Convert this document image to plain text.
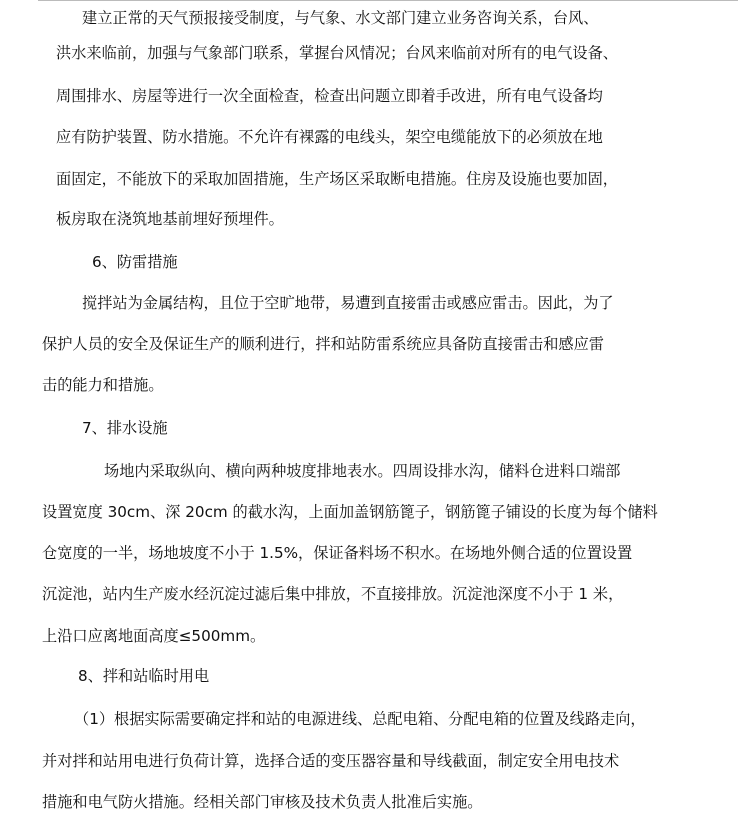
建立正常的天气预报接受制度，与气象、水文部门建立业务咨询关系，台风、

洪水来临前，加强与气象部门联系，掌握台风情况；台风来临前对所有的电气设备、

周围排水、房屋等进行一次全面检查，检查出问题立即着手改进，所有电气设备均

应有防护装置、防水措施。不允许有裸露的电线头，架空电缆能放下的必须放在地

面固定，不能放下的采取加固措施，生产场区采取断电措施。住房及设施也要加固，

板房取在浇筑地基前埋好预埋件。

6、防雷措施

搅拌站为金属结构，且位于空旷地带，易遭到直接雷击或感应雷击。因此，为了

保护人员的安全及保证生产的顺利进行，拌和站防雷系统应具备防直接雷击和感应雷

击的能力和措施。

7、排水设施

场地内采取纵向、横向两种坡度排地表水。四周设排水沟，储料仓进料口端部

设置宽度 30cm、深 20cm 的截水沟，上面加盖钢筋篦子，钢筋篦子铺设的长度为每个储料

仓宽度的一半，场地坡度不小于 1.5%，保证备料场不积水。在场地外侧合适的位置设置

沉淀池，站内生产废水经沉淀过滤后集中排放，不直接排放。沉淀池深度不小于 1 米，

上沿口应离地面高度≤500mm。

8、拌和站临时用电

（1）根据实际需要确定拌和站的电源进线、总配电箱、分配电箱的位置及线路走向，

并对拌和站用电进行负荷计算，选择合适的变压器容量和导线截面，制定安全用电技术

措施和电气防火措施。经相关部门审核及技术负责人批准后实施。
